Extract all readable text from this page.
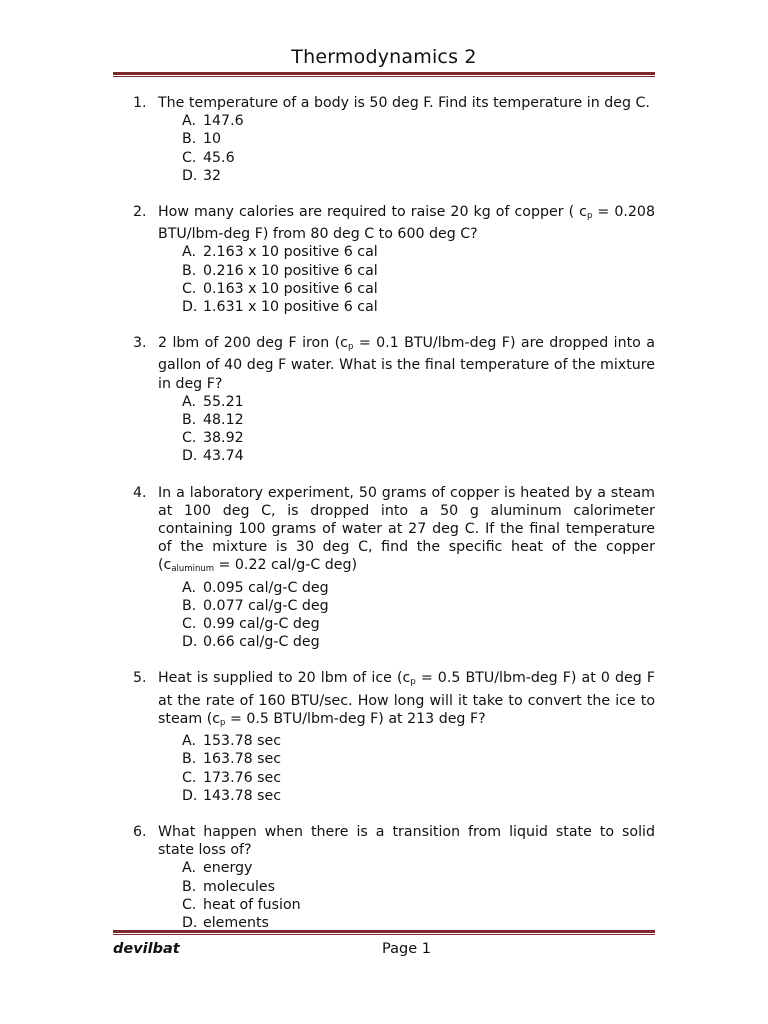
Thermodynamics 2
1. The temperature of a body is 50 deg F. Find its temperature in deg C.
A. 147.6
B. 10
C. 45.6
D. 32
2. How many calories are required to raise 20 kg of copper ( $c_p = 0.208$ BTU/lbm-deg F) from 80 deg C to 600 deg C?
A. 2.163 x 10 positive 6 cal
B. 0.216 x 10 positive 6 cal
C. 0.163 x 10 positive 6 cal
D. 1.631 x 10 positive 6 cal
3. 2 lbm of 200 deg F iron ($c_p = 0.1$ BTU/lbm-deg F) are dropped into a gallon of 40 deg F water. What is the final temperature of the mixture in deg F?
A. 55.21
B. 48.12
C. 38.92
D. 43.74
4. In a laboratory experiment, 50 grams of copper is heated by a steam at 100 deg C, is dropped into a 50 g aluminum calorimeter containing 100 grams of water at 27 deg C. If the final temperature of the mixture is 30 deg C, find the specific heat of the copper ($c_{aluminum} = 0.22$ cal/g-C deg)
A. 0.095 cal/g-C deg
B. 0.077 cal/g-C deg
C. 0.99 cal/g-C deg
D. 0.66 cal/g-C deg
5. Heat is supplied to 20 lbm of ice ($c_p = 0.5$ BTU/lbm-deg F) at 0 deg F at the rate of 160 BTU/sec. How long will it take to convert the ice to steam ($c_p = 0.5$ BTU/lbm-deg F) at 213 deg F?
A. 153.78 sec
B. 163.78 sec
C. 173.76 sec
D. 143.78 sec
6. What happen when there is a transition from liquid state to solid state loss of?
A. energy
B. molecules
C. heat of fusion
D. elements
devilbat	Page 1
